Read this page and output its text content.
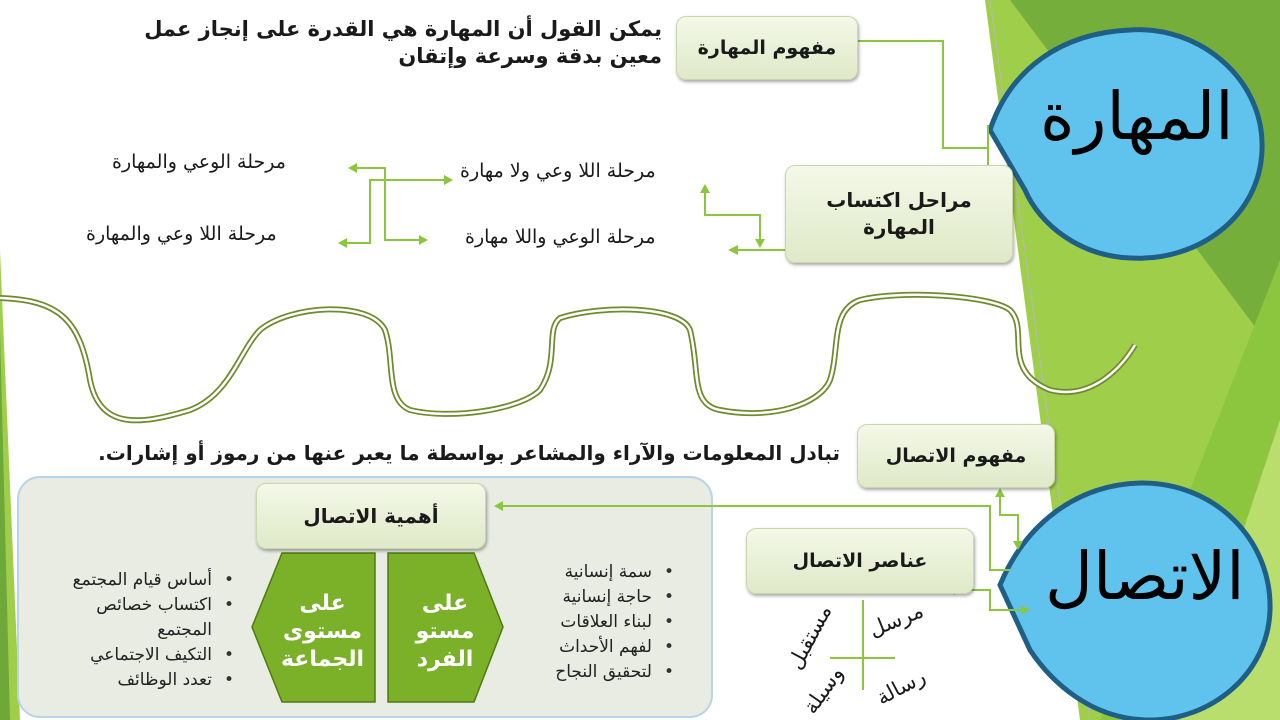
المهارة
الاتصال
مفهوم المهارة
يمكن القول أن المهارة هي القدرة على إنجاز عمل
معين بدقة وسرعة وإتقان
مراحل اكتساب
المهارة
مرحلة اللا وعي ولا مهارة
مرحلة الوعي واللا مهارة
مرحلة الوعي والمهارة
مرحلة اللا وعي والمهارة
مفهوم الاتصال
تبادل المعلومات والآراء والمشاعر بواسطة ما يعبر عنها من رموز أو إشارات.
أهمية الاتصال
عناصر الاتصال
على
مستو
الفرد
على
مستوى
الجماعة
سمة إنسانية •
حاجة إنسانية •
لبناء العلاقات •
لفهم الأحداث •
لتحقيق النجاح •
أساس قيام المجتمع •
اكتساب خصائص •
المجتمع
التكيف الاجتماعي •
تعدد الوظائف •
مرسل
مستقبل
رسالة
وسيلة
